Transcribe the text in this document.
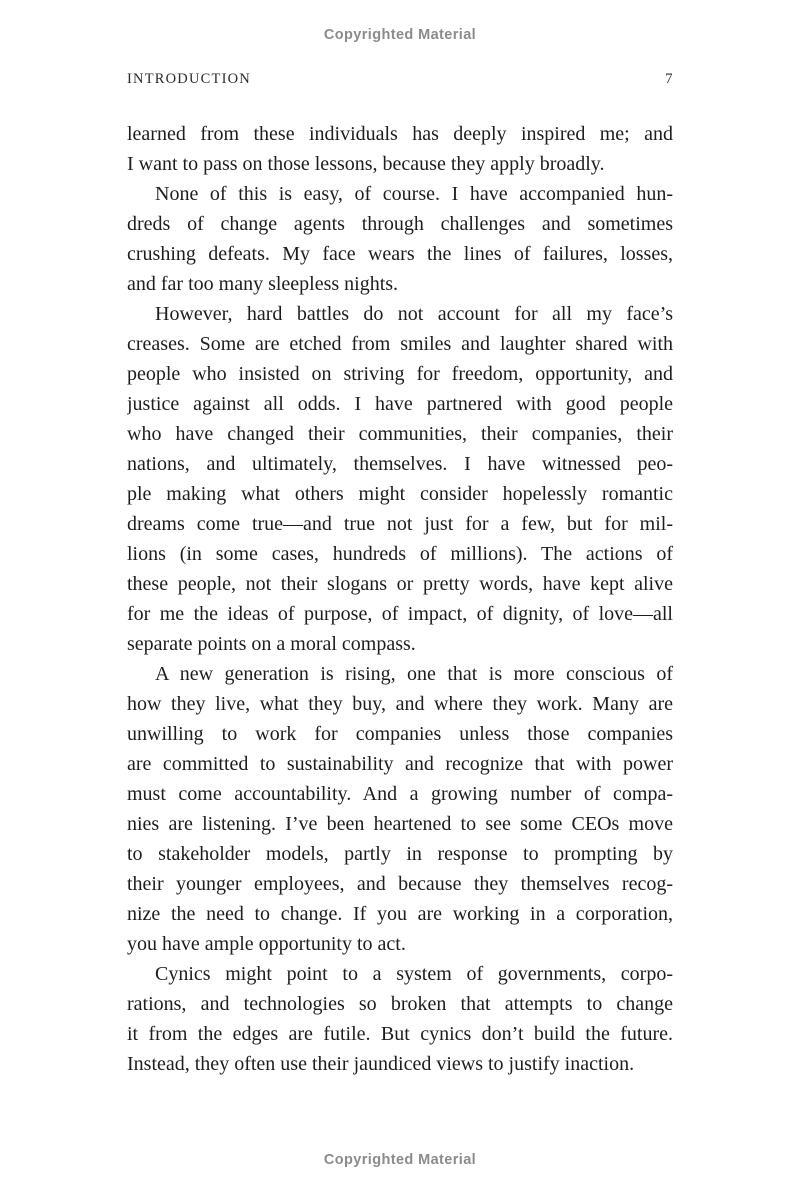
Copyrighted Material
INTRODUCTION	7
learned from these individuals has deeply inspired me; and
I want to pass on those lessons, because they apply broadly.
None of this is easy, of course. I have accompanied hun-
dreds of change agents through challenges and sometimes
crushing defeats. My face wears the lines of failures, losses,
and far too many sleepless nights.
However, hard battles do not account for all my face’s
creases. Some are etched from smiles and laughter shared with
people who insisted on striving for freedom, opportunity, and
justice against all odds. I have partnered with good people
who have changed their communities, their companies, their
nations, and ultimately, themselves. I have witnessed peo-
ple making what others might consider hopelessly romantic
dreams come true—and true not just for a few, but for mil-
lions (in some cases, hundreds of millions). The actions of
these people, not their slogans or pretty words, have kept alive
for me the ideas of purpose, of impact, of dignity, of love—all
separate points on a moral compass.
A new generation is rising, one that is more conscious of
how they live, what they buy, and where they work. Many are
unwilling to work for companies unless those companies
are committed to sustainability and recognize that with power
must come accountability. And a growing number of compa-
nies are listening. I’ve been heartened to see some CEOs move
to stakeholder models, partly in response to prompting by
their younger employees, and because they themselves recog-
nize the need to change. If you are working in a corporation,
you have ample opportunity to act.
Cynics might point to a system of governments, corpo-
rations, and technologies so broken that attempts to change
it from the edges are futile. But cynics don’t build the future.
Instead, they often use their jaundiced views to justify inaction.
Copyrighted Material
